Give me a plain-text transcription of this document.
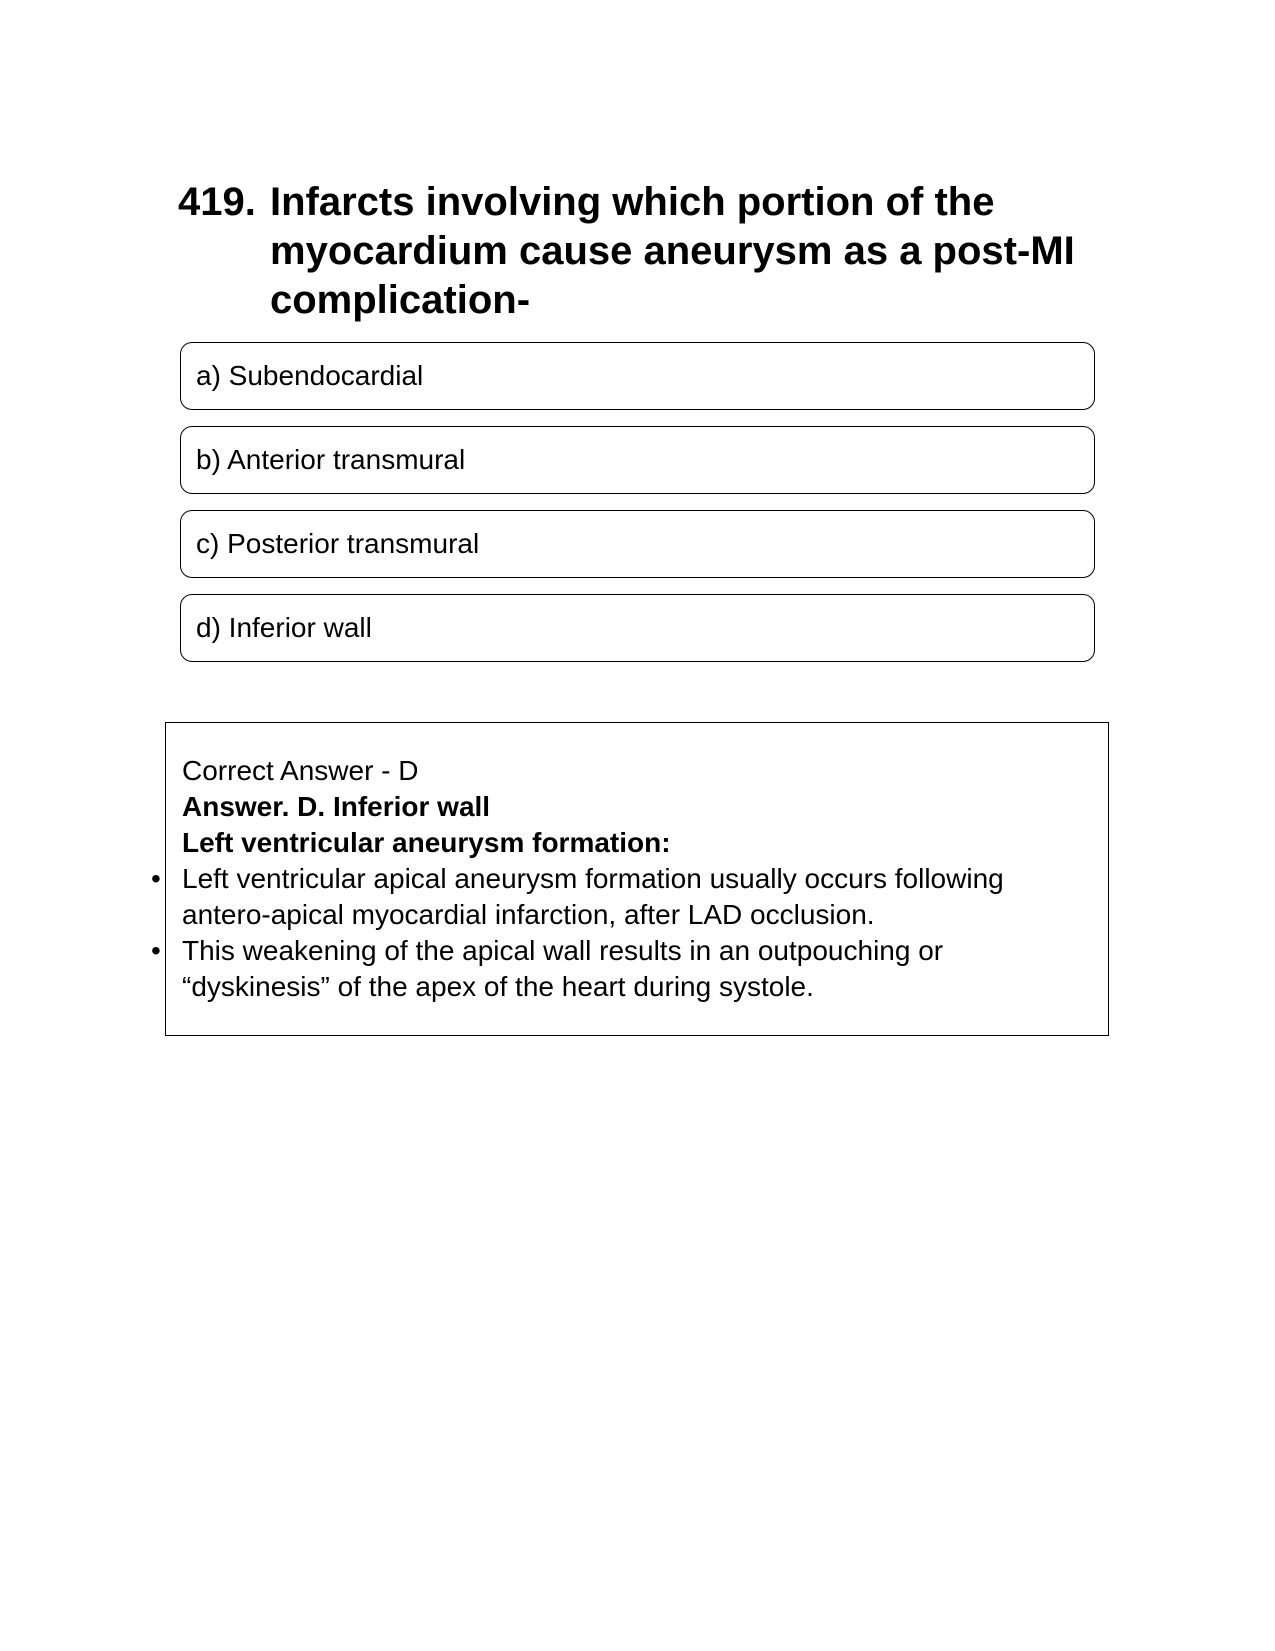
419. Infarcts involving which portion of the myocardium cause aneurysm as a post-MI complication-
a) Subendocardial
b) Anterior transmural
c) Posterior transmural
d) Inferior wall
Correct Answer - D
Answer. D. Inferior wall
Left ventricular aneurysm formation:
• Left ventricular apical aneurysm formation usually occurs following antero-apical myocardial infarction, after LAD occlusion.
• This weakening of the apical wall results in an outpouching or “dyskinesis” of the apex of the heart during systole.
